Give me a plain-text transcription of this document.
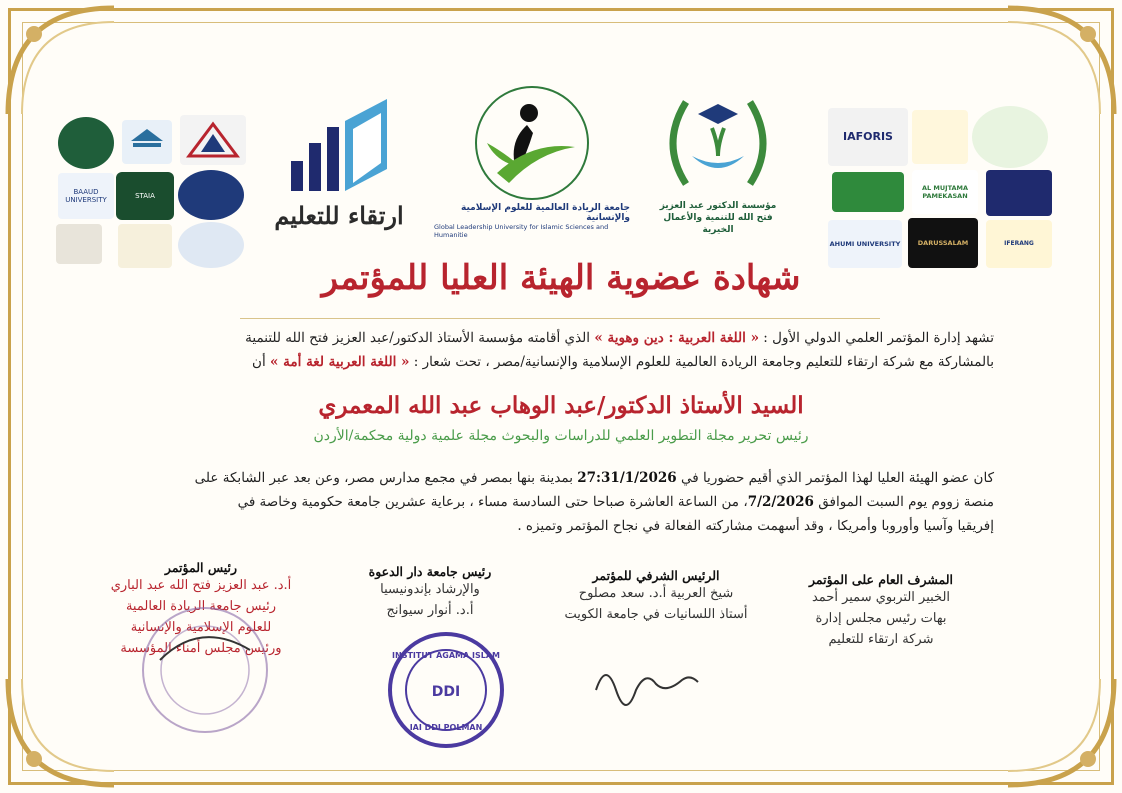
BAAUD UNIVERSITY	STAIA
ارتقاء للتعليم	جامعة الريادة العالمية للعلوم الإسلامية والإنسانية
Global Leadership University for Islamic Sciences and Humanitie
مؤسسة الدكتور عبد العزيز فتح الله للتنمية والأعمال الخيرية
IAFORIS
AL MUJTAMA PAMEKASAN
AHUMI UNIVERSITY	DARUSSALAM	IFERANG
شهادة عضوية الهيئة العليا للمؤتمر
تشهد إدارة المؤتمر العلمي الدولي الأول : « اللغة العربية : دين وهوية » الذي أقامته مؤسسة الأستاذ الدكتور/عبد العزيز فتح الله للتنمية
بالمشاركة مع شركة ارتقاء للتعليم وجامعة الريادة العالمية للعلوم الإسلامية والإنسانية/مصر ، تحت شعار : « اللغة العربية لغة أمة » أن
السيد الأستاذ الدكتور/عبد الوهاب عبد الله المعمري
رئيس تحرير مجلة التطوير العلمي للدراسات والبحوث مجلة علمية دولية محكمة/الأردن
كان عضو الهيئة العليا لهذا المؤتمر الذي أقيم حضوريا في 27:31/1/2026 بمدينة بنها بمصر في مجمع مدارس مصر، وعن بعد عبر الشابكة على
منصة زووم يوم السبت الموافق 7/2/2026، من الساعة العاشرة صباحا حتى السادسة مساء ، برعاية عشرين جامعة حكومية وخاصة في
إفريقيا وآسيا وأوروبا وأمريكا ، وقد أسهمت مشاركته الفعالة في نجاح المؤتمر وتميزه .
رئيس المؤتمر
أ.د. عبد العزيز فتح الله عبد الباري
رئيس جامعة الريادة العالمية
للعلوم الإسلامية والإنسانية
ورئيس مجلس أمناء المؤسسة
رئيس جامعة دار الدعوة
والإرشاد بإندونيسيا
أ.د. أنوار سيوانج
INSTITUT AGAMA ISLAM
DDI
IAI DDI POLMAN
الرئيس الشرفي للمؤتمر
شيخ العربية أ.د. سعد مصلوح
أستاذ اللسانيات في جامعة الكويت
المشرف العام على المؤتمر
الخبير التربوي سمير أحمد
بهات رئيس مجلس إدارة
شركة ارتقاء للتعليم
